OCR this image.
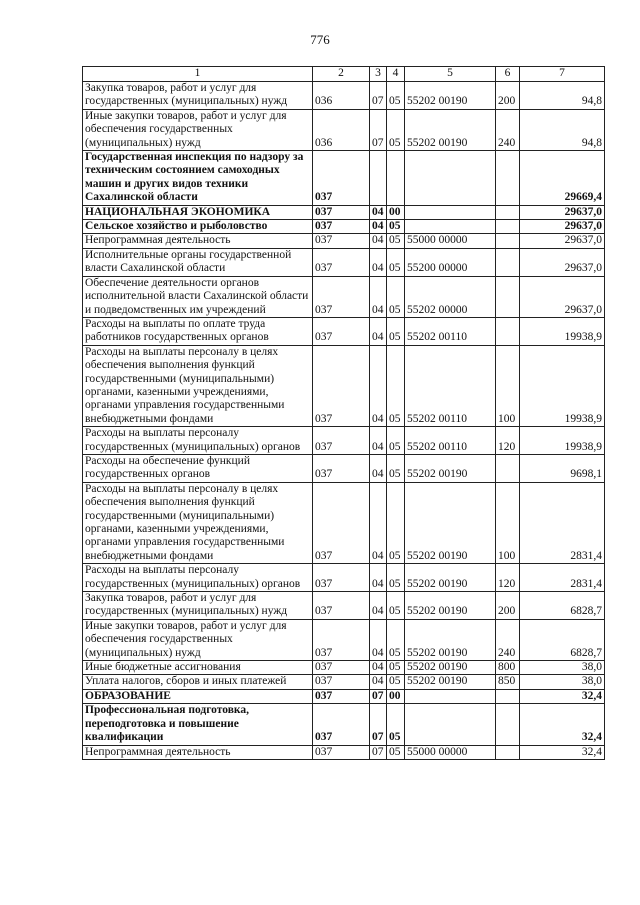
776
1	2	3	4	5	6	7
Закупка товаров, работ и услуг для государственных (муниципальных) нужд	036	07	05	55202 00190	200	94,8
Иные закупки товаров, работ и услуг для обеспечения государственных (муниципальных) нужд	036	07	05	55202 00190	240	94,8
Государственная инспекция по надзору за техническим состоянием самоходных машин и других видов техники Сахалинской области	037					29669,4
НАЦИОНАЛЬНАЯ ЭКОНОМИКА	037	04	00			29637,0
Сельское хозяйство и рыболовство	037	04	05			29637,0
Непрограммная деятельность	037	04	05	55000 00000		29637,0
Исполнительные органы государственной власти Сахалинской области	037	04	05	55200 00000		29637,0
Обеспечение деятельности органов исполнительной власти Сахалинской области и подведомственных им учреждений	037	04	05	55202 00000		29637,0
Расходы на выплаты по оплате труда работников государственных органов	037	04	05	55202 00110		19938,9
Расходы на выплаты персоналу в целях обеспечения выполнения функций государственными (муниципальными) органами, казенными учреждениями, органами управления государственными внебюджетными фондами	037	04	05	55202 00110	100	19938,9
Расходы на выплаты персоналу государственных (муниципальных) органов	037	04	05	55202 00110	120	19938,9
Расходы на обеспечение функций государственных органов	037	04	05	55202 00190		9698,1
Расходы на выплаты персоналу в целях обеспечения выполнения функций государственными (муниципальными) органами, казенными учреждениями, органами управления государственными внебюджетными фондами	037	04	05	55202 00190	100	2831,4
Расходы на выплаты персоналу государственных (муниципальных) органов	037	04	05	55202 00190	120	2831,4
Закупка товаров, работ и услуг для государственных (муниципальных) нужд	037	04	05	55202 00190	200	6828,7
Иные закупки товаров, работ и услуг для обеспечения государственных (муниципальных) нужд	037	04	05	55202 00190	240	6828,7
Иные бюджетные ассигнования	037	04	05	55202 00190	800	38,0
Уплата налогов, сборов и иных платежей	037	04	05	55202 00190	850	38,0
ОБРАЗОВАНИЕ	037	07	00			32,4
Профессиональная подготовка, переподготовка и повышение квалификации	037	07	05			32,4
Непрограммная деятельность	037	07	05	55000 00000		32,4
